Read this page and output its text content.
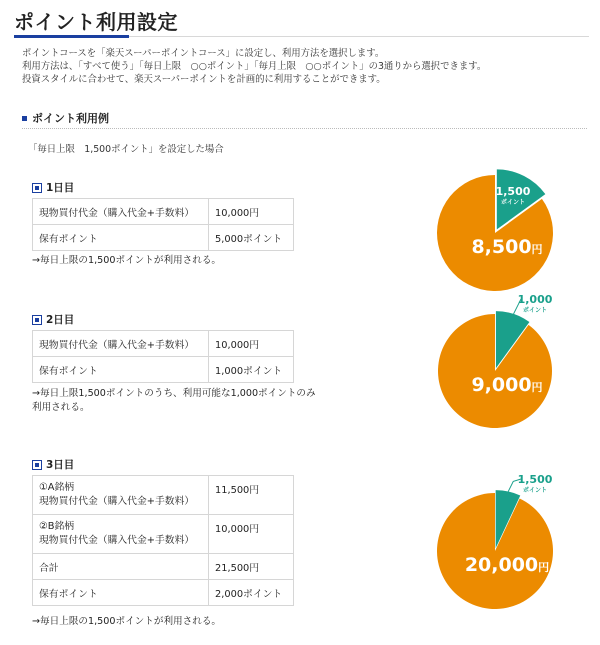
ポイント利用設定
ポイントコースを「楽天スーパーポイントコース」に設定し、利用方法を選択します。
利用方法は、「すべて使う」「毎日上限　○○ポイント」「毎月上限　○○ポイント」の3通りから選択できます。
投資スタイルに合わせて、楽天スーパーポイントを計画的に利用することができます。
ポイント利用例
「毎日上限　1,500ポイント」を設定した場合
1日目
現物買付代金（購入代金+手数料）	10,000円
保有ポイント	5,000ポイント
→毎日上限の1,500ポイントが利用される。
2日目
現物買付代金（購入代金+手数料）	10,000円
保有ポイント	1,000ポイント
→毎日上限1,500ポイントのうち、利用可能な1,000ポイントのみ
利用される。
3日目
①A銘柄
現物買付代金（購入代金+手数料）	11,500円

②B銘柄
現物買付代金（購入代金+手数料）	10,000円
合計	21,500円
保有ポイント	2,000ポイント
→毎日上限の1,500ポイントが利用される。
8,500円
1,500
ポイント
9,000円
1,000
ポイント
20,000円
1,500
ポイント
